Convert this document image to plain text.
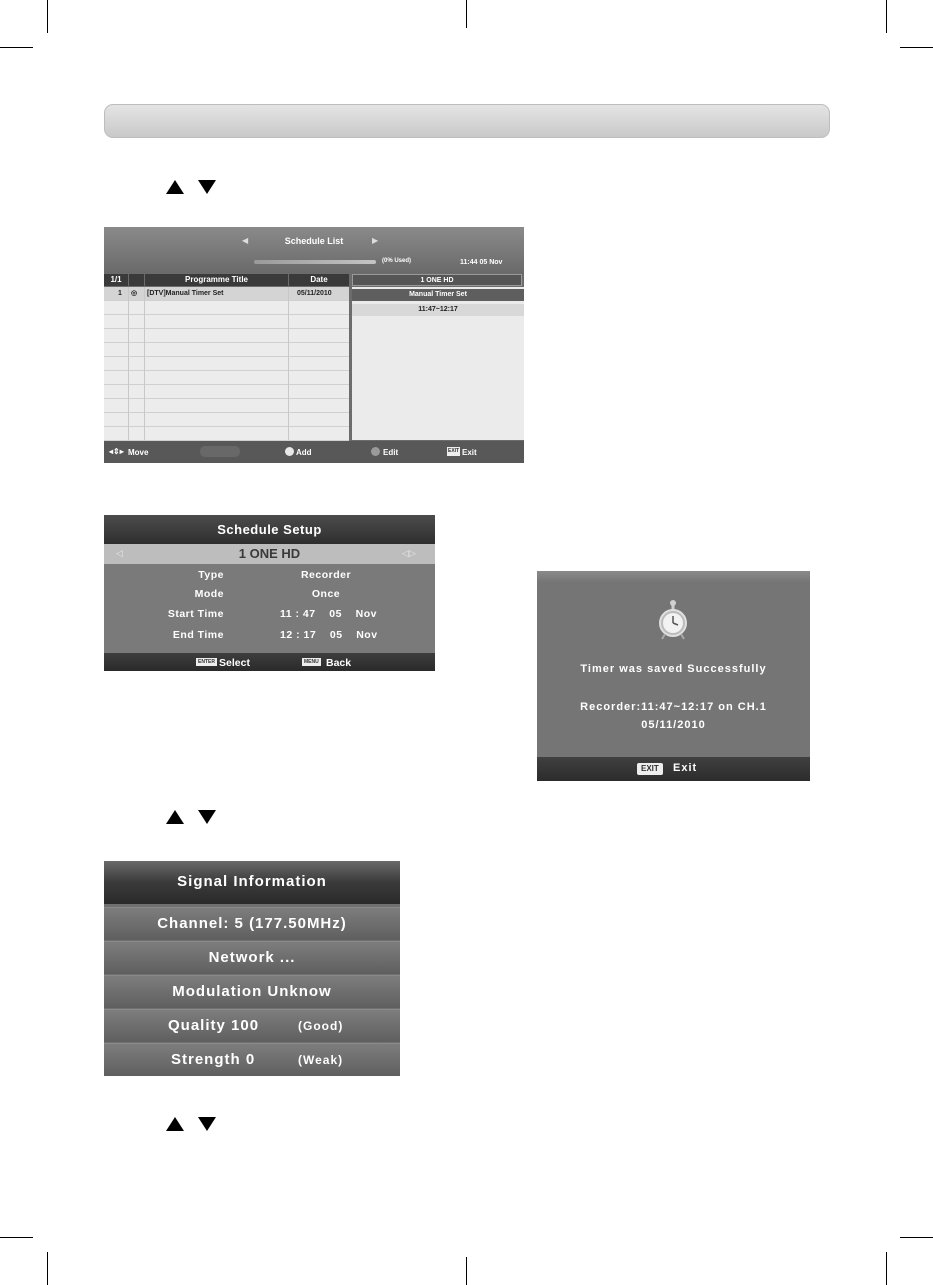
◀	Schedule List	▶
(0% Used)	11:44 05 Nov
1/1	Programme Title	Date	1 ONE HD
1 ◎ [DTV]Manual Timer Set	05/11/2010	Manual Timer Set
11:47~12:17
◂⇕▸ Move	Add	Edit	EXIT Exit
Schedule Setup
◁	1 ONE HD	◁▷
Type	Recorder
Mode	Once
Start Time	11 : 47    05    Nov
End Time	12 : 17    05    Nov
ENTER Select	MENU Back	Timer was saved Successfully
Recorder:11:47~12:17 on CH.1
05/11/2010
EXIT	Exit
Signal Information
Channel: 5 (177.50MHz)
Network ...
Modulation Unknow
Quality 100	(Good)
Strength 0	(Weak)
